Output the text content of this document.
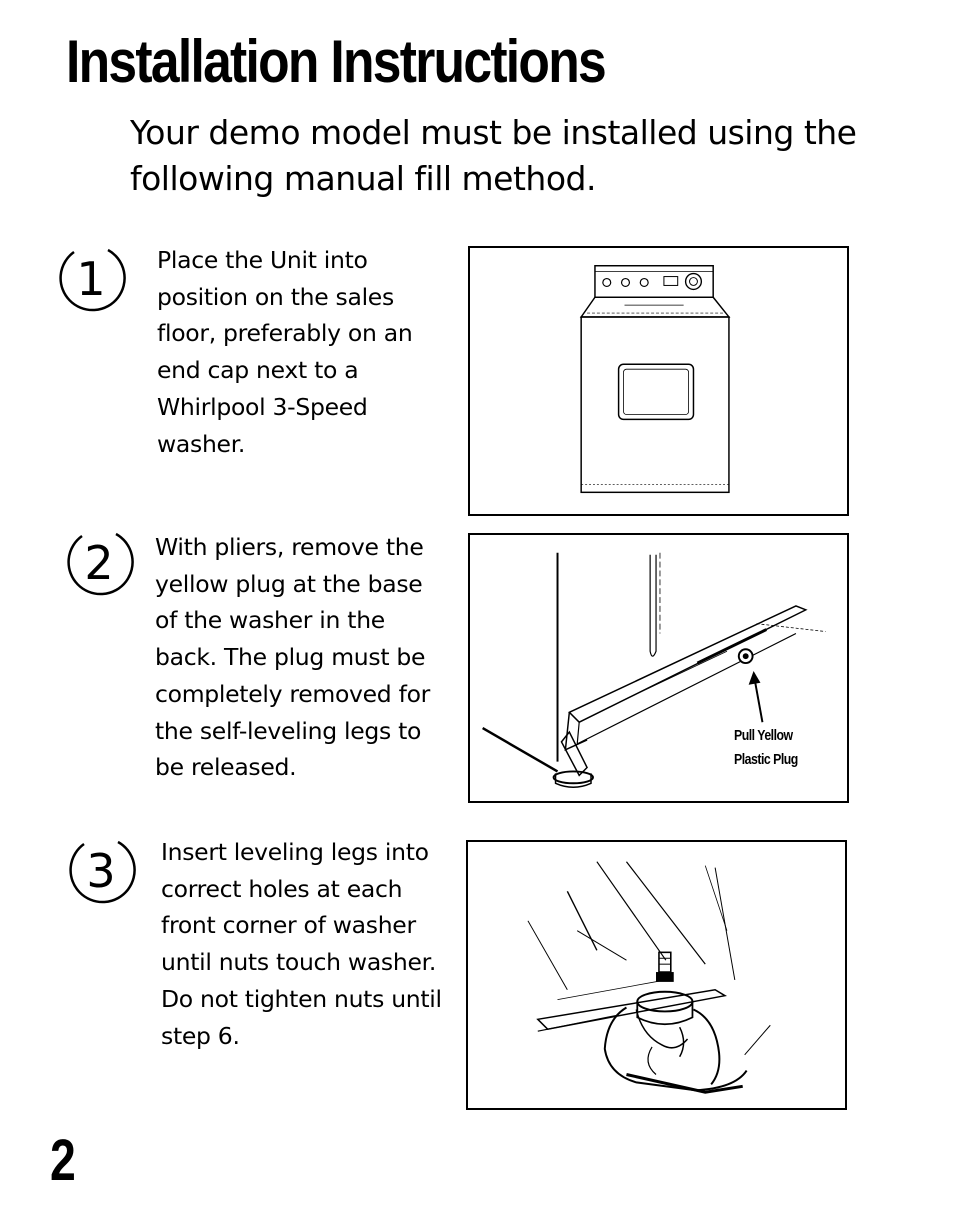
Installation Instructions

Your demo model must be installed using the following manual fill method.

1 Place the Unit into position on the sales floor, preferably on an end cap next to a Whirlpool 3-Speed washer.

2 With pliers, remove the yellow plug at the base of the washer in the back. The plug must be completely removed for the self-leveling legs to be released.

Pull Yellow
Plastic Plug
3 Insert leveling legs into correct holes at each front corner of washer until nuts touch washer. Do not tighten nuts until step 6.

2
